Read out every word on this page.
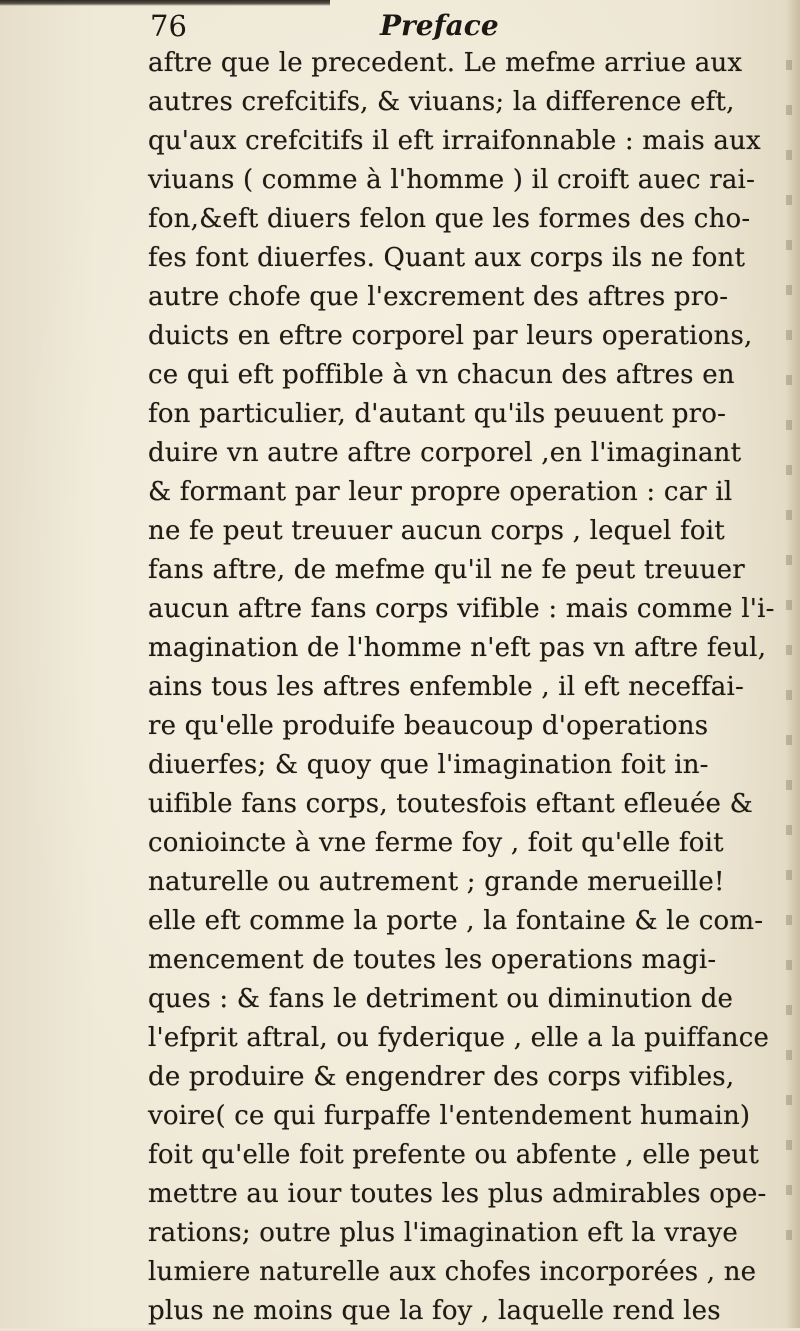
76	Preface
aftre que le precedent. Le mefme arriue aux
autres crefcitifs, & viuans; la difference eft,
qu'aux crefcitifs il eft irraifonnable : mais aux
viuans ( comme à l'homme ) il croift auec rai-
fon,&eft diuers felon que les formes des cho-
fes font diuerfes. Quant aux corps ils ne font
autre chofe que l'excrement des aftres pro-
duicts en eftre corporel par leurs operations,
ce qui eft poffible à vn chacun des aftres en
fon particulier, d'autant qu'ils peuuent pro-
duire vn autre aftre corporel ,en l'imaginant
& formant par leur propre operation : car il
ne fe peut treuuer aucun corps , lequel foit
fans aftre, de mefme qu'il ne fe peut treuuer
aucun aftre fans corps vifible : mais comme l'i-
magination de l'homme n'eft pas vn aftre feul,
ains tous les aftres enfemble , il eft neceffai-
re qu'elle produife beaucoup d'operations
diuerfes; & quoy que l'imagination foit in-
uifible fans corps, toutesfois eftant efleuée &
conioincte à vne ferme foy , foit qu'elle foit
naturelle ou autrement ; grande merueille!
elle eft comme la porte , la fontaine & le com-
mencement de toutes les operations magi-
ques : & fans le detriment ou diminution de
l'efprit aftral, ou fyderique , elle a la puiffance
de produire & engendrer des corps vifibles,
voire( ce qui furpaffe l'entendement humain)
foit qu'elle foit prefente ou abfente , elle peut
mettre au iour toutes les plus admirables ope-
rations; outre plus l'imagination eft la vraye
lumiere naturelle aux chofes incorporées , ne
plus ne moins que la foy , laquelle rend les
